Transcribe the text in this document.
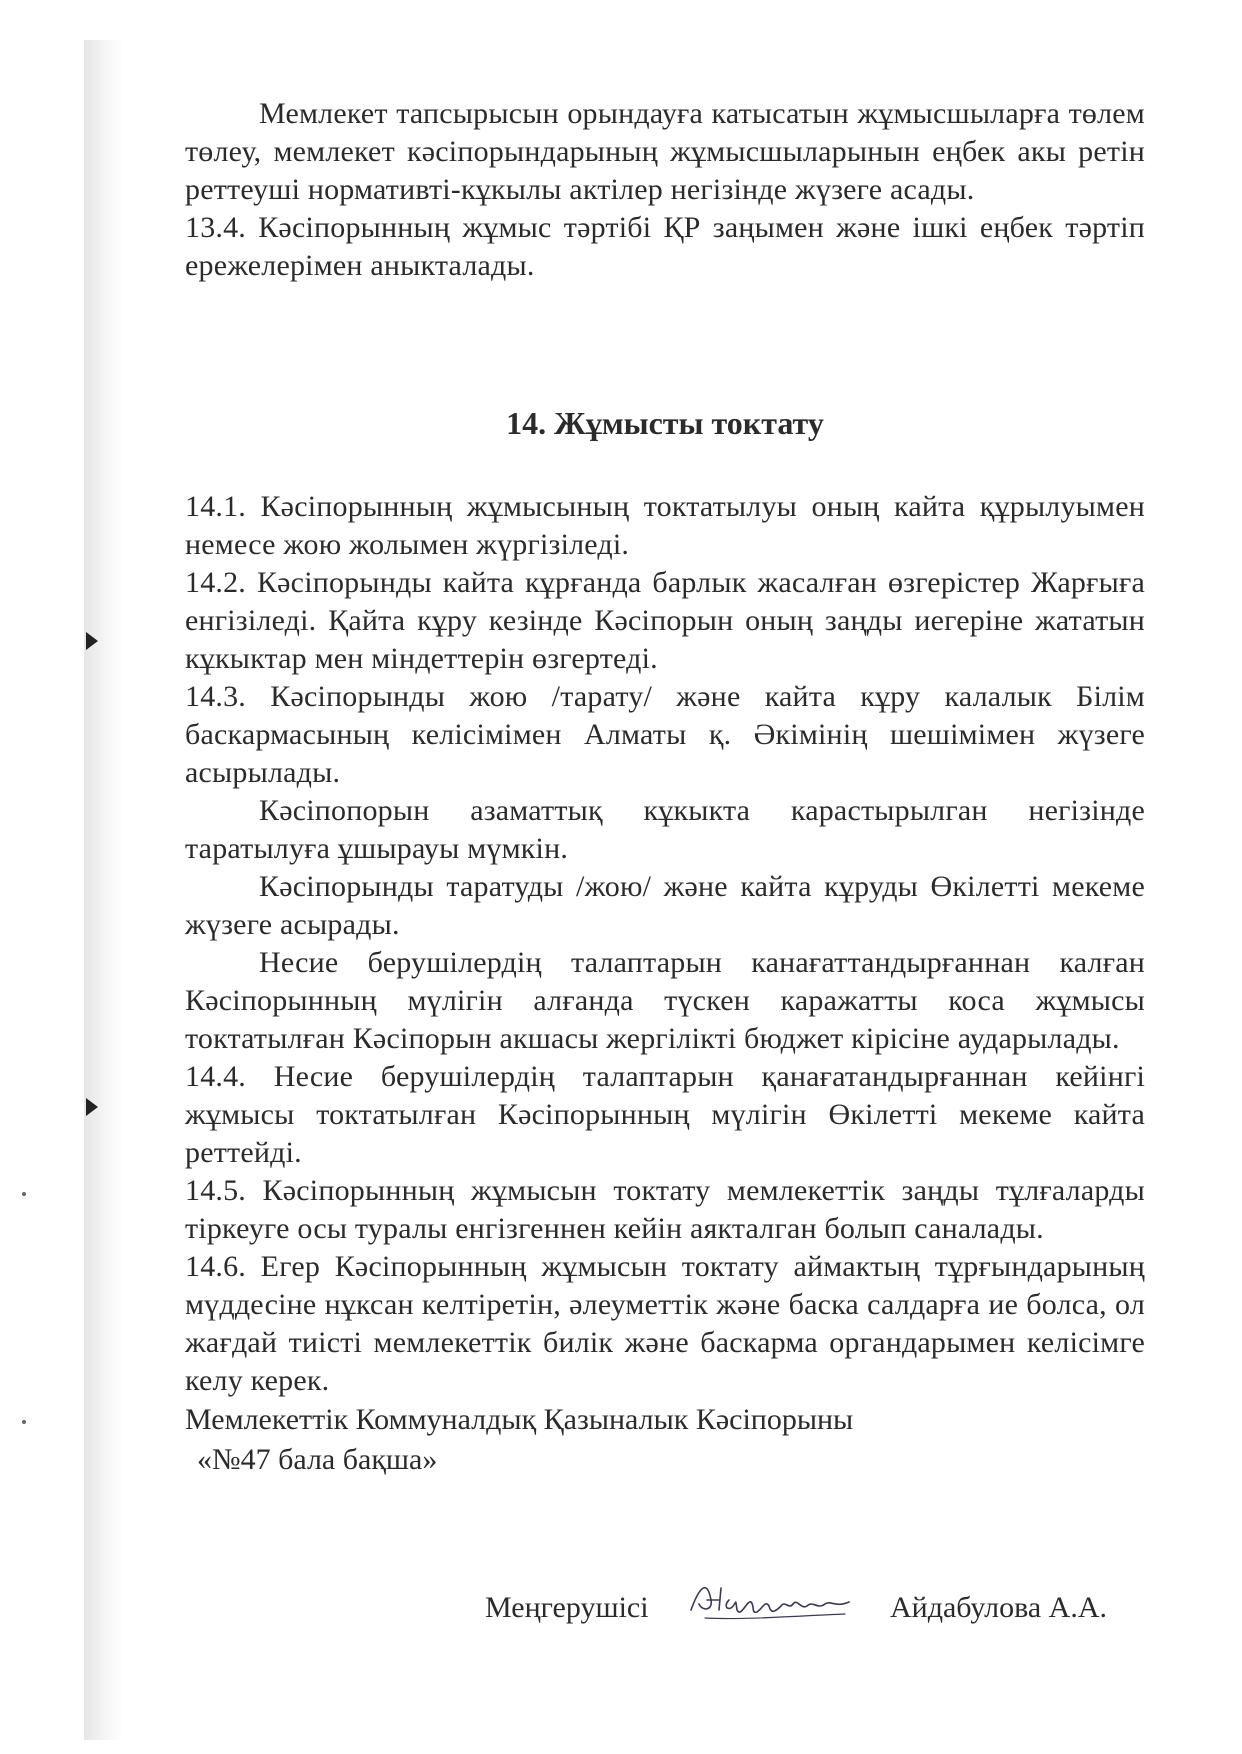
Мемлекет тапсырысын орындауға катысатын жұмысшыларға төлем төлеу, мемлекет кәсіпорындарының жұмысшыларынын еңбек акы ретін реттеуші нормативті-кұкылы актілер негізінде жүзеге асады.

13.4. Кәсіпорынның жұмыс тәртібі ҚР заңымен және ішкі еңбек тәртіп ережелерімен аныкталады.

14. Жұмысты токтату

14.1. Кәсіпорынның жұмысының токтатылуы оның кайта құрылуымен немесе жою жолымен жүргізіледі.

14.2. Кәсіпорынды кайта кұрғанда барлык жасалған өзгерістер Жарғыға енгізіледі. Қайта кұру кезінде Кәсіпорын оның заңды иегеріне жататын кұкыктар мен міндеттерін өзгертеді.

14.3. Кәсіпорынды жою /тарату/ және кайта кұру калалык Білім баскармасының келісімімен Алматы қ. Әкімінің шешімімен жүзеге асырылады.

Кәсіпопорын азаматтық кұкыкта карастырылган негізінде таратылуға ұшырауы мүмкін.

Кәсіпорынды таратуды /жою/ және кайта кұруды Өкілетті мекеме жүзеге асырады.

Несие берушілердің талаптарын канағаттандырғаннан калған Кәсіпорынның мүлігін алғанда түскен каражатты коса жұмысы токтатылған Кәсіпорын акшасы жергілікті бюджет кірісіне аударылады.

14.4. Несие берушілердің талаптарын қанағатандырғаннан кейінгі жұмысы токтатылған Кәсіпорынның мүлігін Өкілетті мекеме кайта реттейді.

14.5. Кәсіпорынның жұмысын токтату мемлекеттік заңды тұлғаларды тіркеуге осы туралы енгізгеннен кейін аякталган болып саналады.

14.6. Егер Кәсіпорынның жұмысын токтату аймактың тұрғындарының мүддесіне нұксан келтіретін, әлеуметтік және баска салдарға ие болса, ол жағдай тиісті мемлекеттік билік және баскарма органдарымен келісімге келу керек.

Мемлекеттік Коммуналдық Қазыналык Кәсіпорыны

«№47 бала бақша»

Меңгерушісі	Айдабулова А.А.
